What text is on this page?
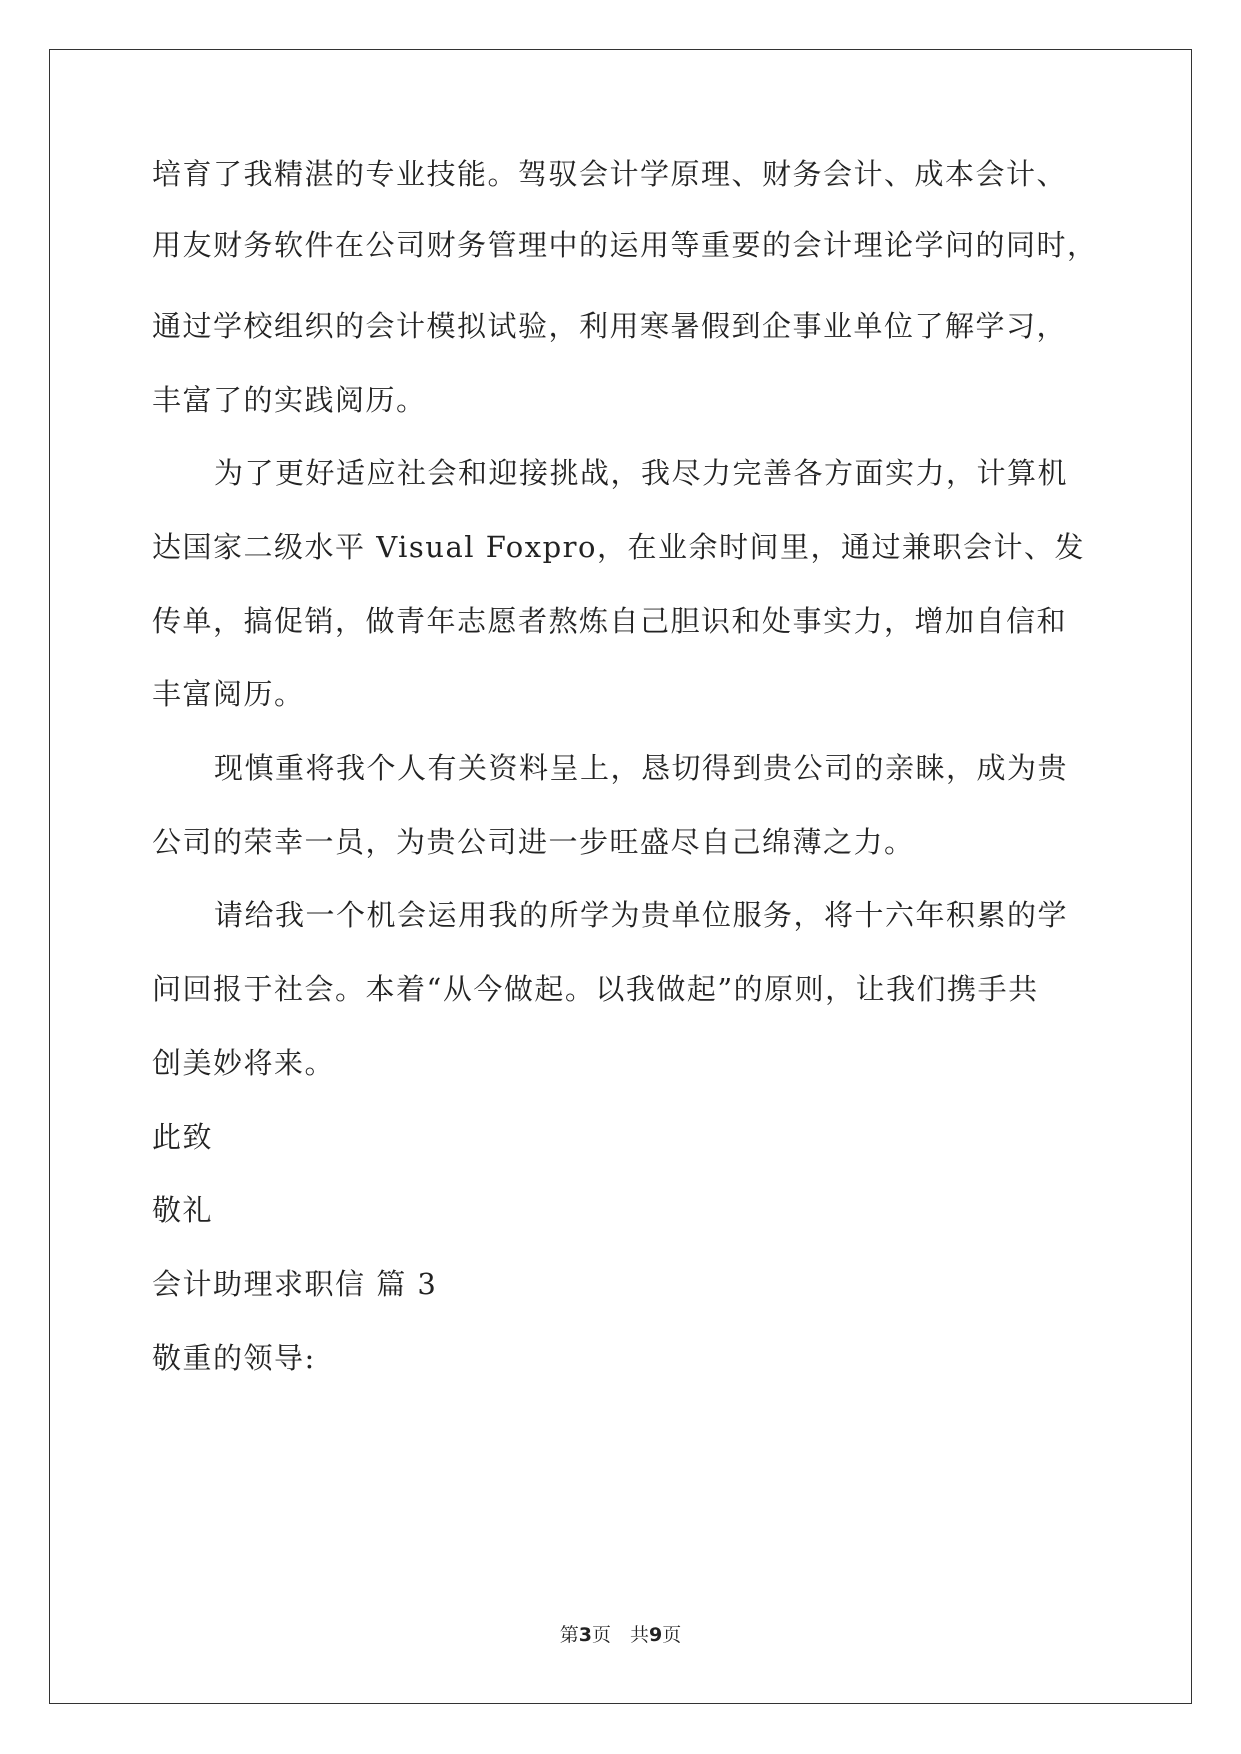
培育了我精湛的专业技能。驾驭会计学原理、财务会计、成本会计、
用友财务软件在公司财务管理中的运用等重要的会计理论学问的同时，
通过学校组织的会计模拟试验，利用寒暑假到企事业单位了解学习，
丰富了的实践阅历。
为了更好适应社会和迎接挑战，我尽力完善各方面实力，计算机
达国家二级水平 Visual Foxpro，在业余时间里，通过兼职会计、发
传单，搞促销，做青年志愿者熬炼自己胆识和处事实力，增加自信和
丰富阅历。
现慎重将我个人有关资料呈上，恳切得到贵公司的亲睐，成为贵
公司的荣幸一员，为贵公司进一步旺盛尽自己绵薄之力。
请给我一个机会运用我的所学为贵单位服务，将十六年积累的学
问回报于社会。本着“从今做起。以我做起”的原则，让我们携手共
创美妙将来。
此致
敬礼
会计助理求职信 篇 3
敬重的领导:
第3页　共9页
